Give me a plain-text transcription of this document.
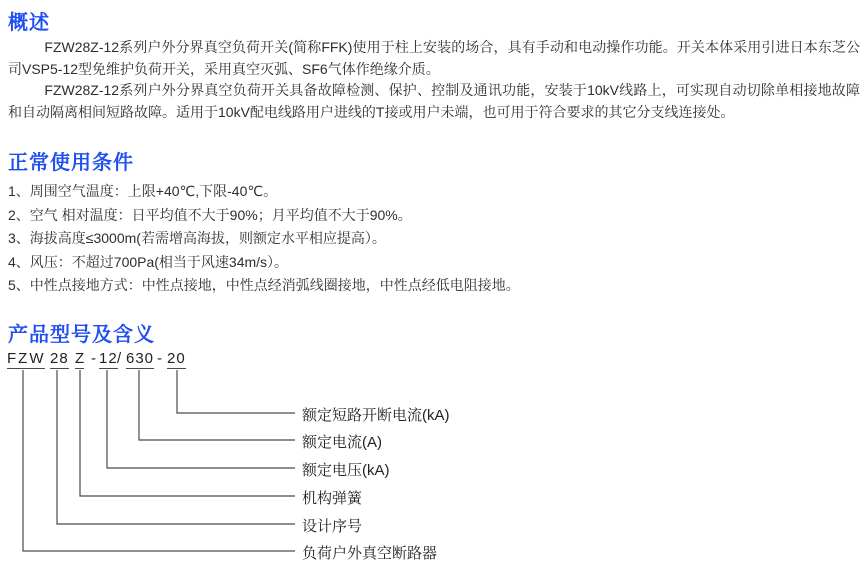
概述

FZW28Z-12系列户外分界真空负荷开关(简称FFK)使用于柱上安装的场合，具有手动和电动操作功能。开关本体采用引进日本东芝公司VSP5-12型免维护负荷开关，采用真空灭弧、SF6气体作绝缘介质。

FZW28Z-12系列户外分界真空负荷开关具备故障检测、保护、控制及通讯功能，安装于10kV线路上，可实现自动切除单相接地故障和自动隔离相间短路故障。适用于10kV配电线路用户进线的T接或用户未端，也可用于符合要求的其它分支线连接处。

正常使用条件
1、周围空气温度：上限+40℃,下限-40℃。
2、空气 相对温度：日平均值不大于90%；月平均值不大于90%。
3、海拔高度≤3000m(若需增高海拔，则额定水平相应提高）。
4、风压：不超过700Pa(相当于风速34m/s）。
5、中性点接地方式：中性点接地，中性点经消弧线圈接地，中性点经低电阻接地。
产品型号及含义
FZW 28 Z - 12 / 630 - 20
额定短路开断电流(kA)
额定电流(A)
额定电压(kA)
机构弹簧
设计序号
负荷户外真空断路器
